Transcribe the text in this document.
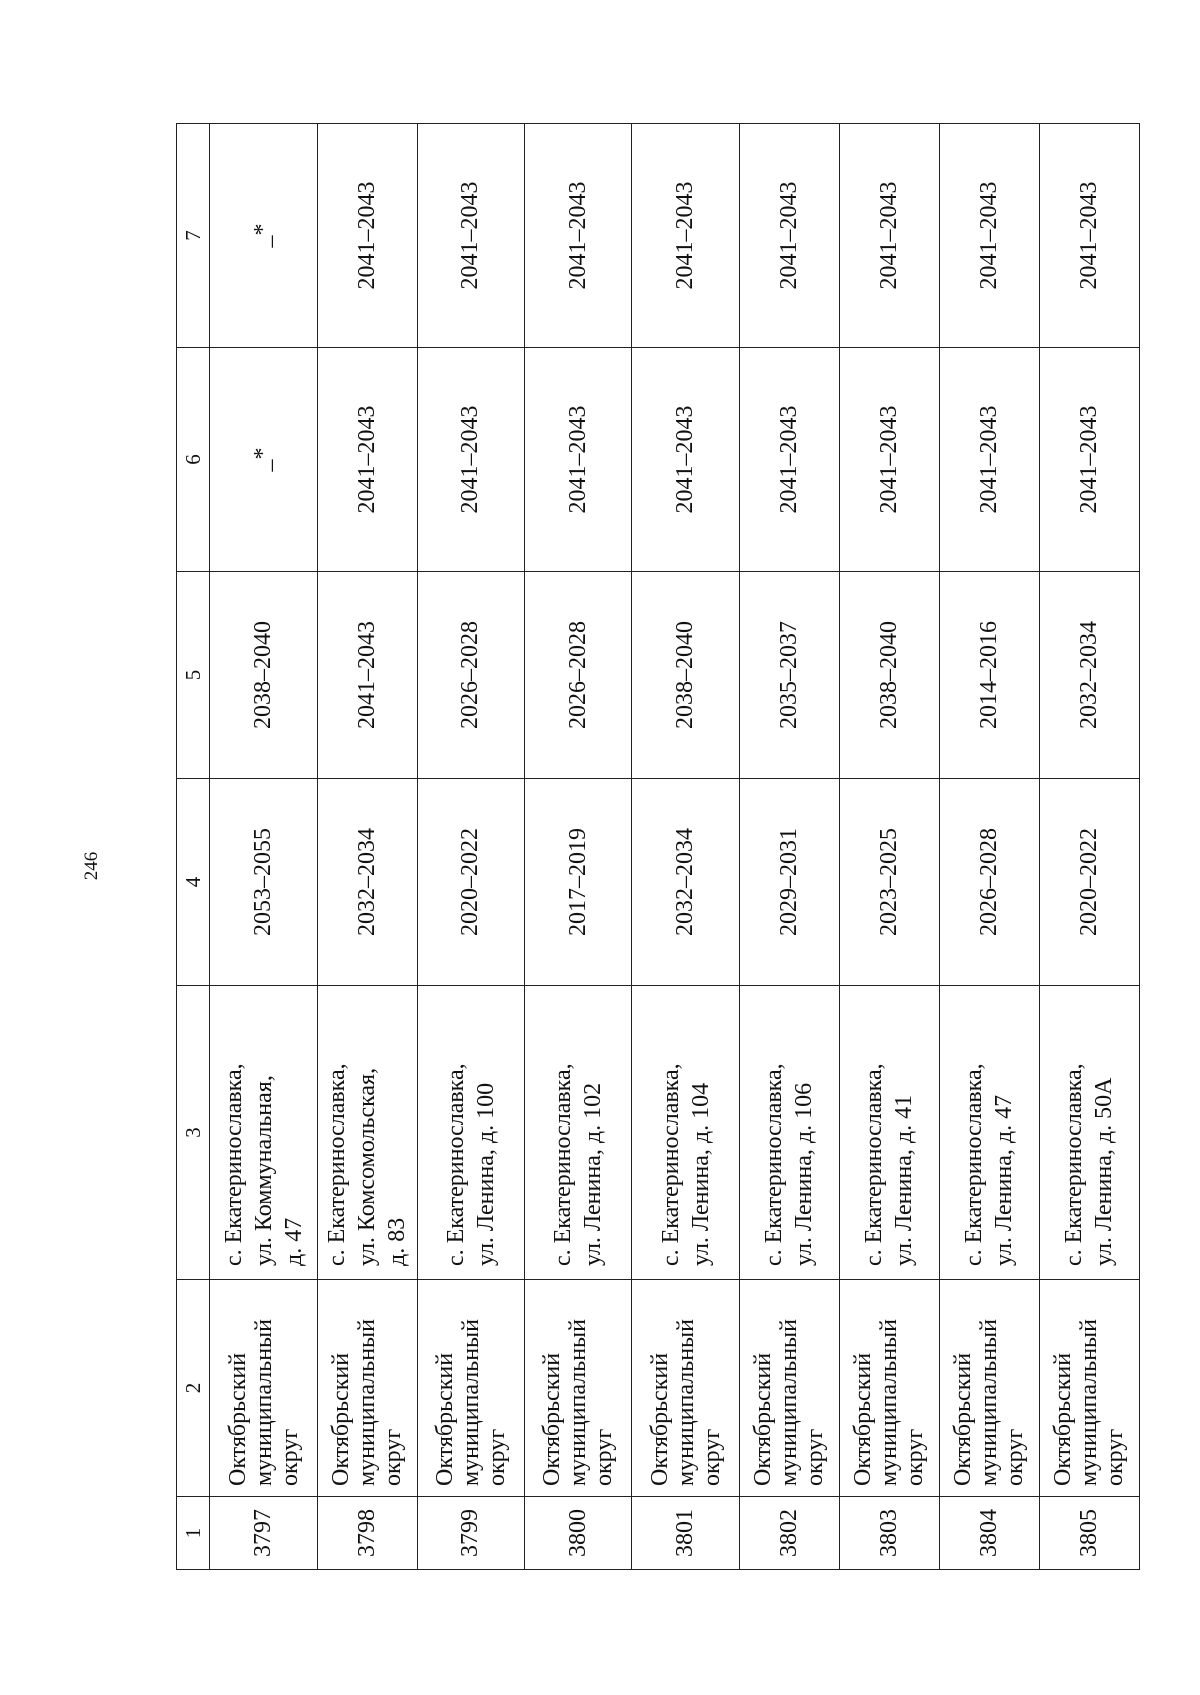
246
1	2	3	4	5	6	7
3797	Октябрьский муниципальный округ	с. Екатеринославка, ул. Коммунальная, д. 47	2053–2055	2038–2040	_*	_*
3798	Октябрьский муниципальный округ	с. Екатеринославка, ул. Комсомольская, д. 83	2032–2034	2041–2043	2041–2043	2041–2043
3799	Октябрьский муниципальный округ	с. Екатеринославка, ул. Ленина, д. 100	2020–2022	2026–2028	2041–2043	2041–2043
3800	Октябрьский муниципальный округ	с. Екатеринославка, ул. Ленина, д. 102	2017–2019	2026–2028	2041–2043	2041–2043
3801	Октябрьский муниципальный округ	с. Екатеринославка, ул. Ленина, д. 104	2032–2034	2038–2040	2041–2043	2041–2043
3802	Октябрьский муниципальный округ	с. Екатеринославка, ул. Ленина, д. 106	2029–2031	2035–2037	2041–2043	2041–2043
3803	Октябрьский муниципальный округ	с. Екатеринославка, ул. Ленина, д. 41	2023–2025	2038–2040	2041–2043	2041–2043
3804	Октябрьский муниципальный округ	с. Екатеринославка, ул. Ленина, д. 47	2026–2028	2014–2016	2041–2043	2041–2043
3805	Октябрьский муниципальный округ	с. Екатеринославка, ул. Ленина, д. 50А	2020–2022	2032–2034	2041–2043	2041–2043
